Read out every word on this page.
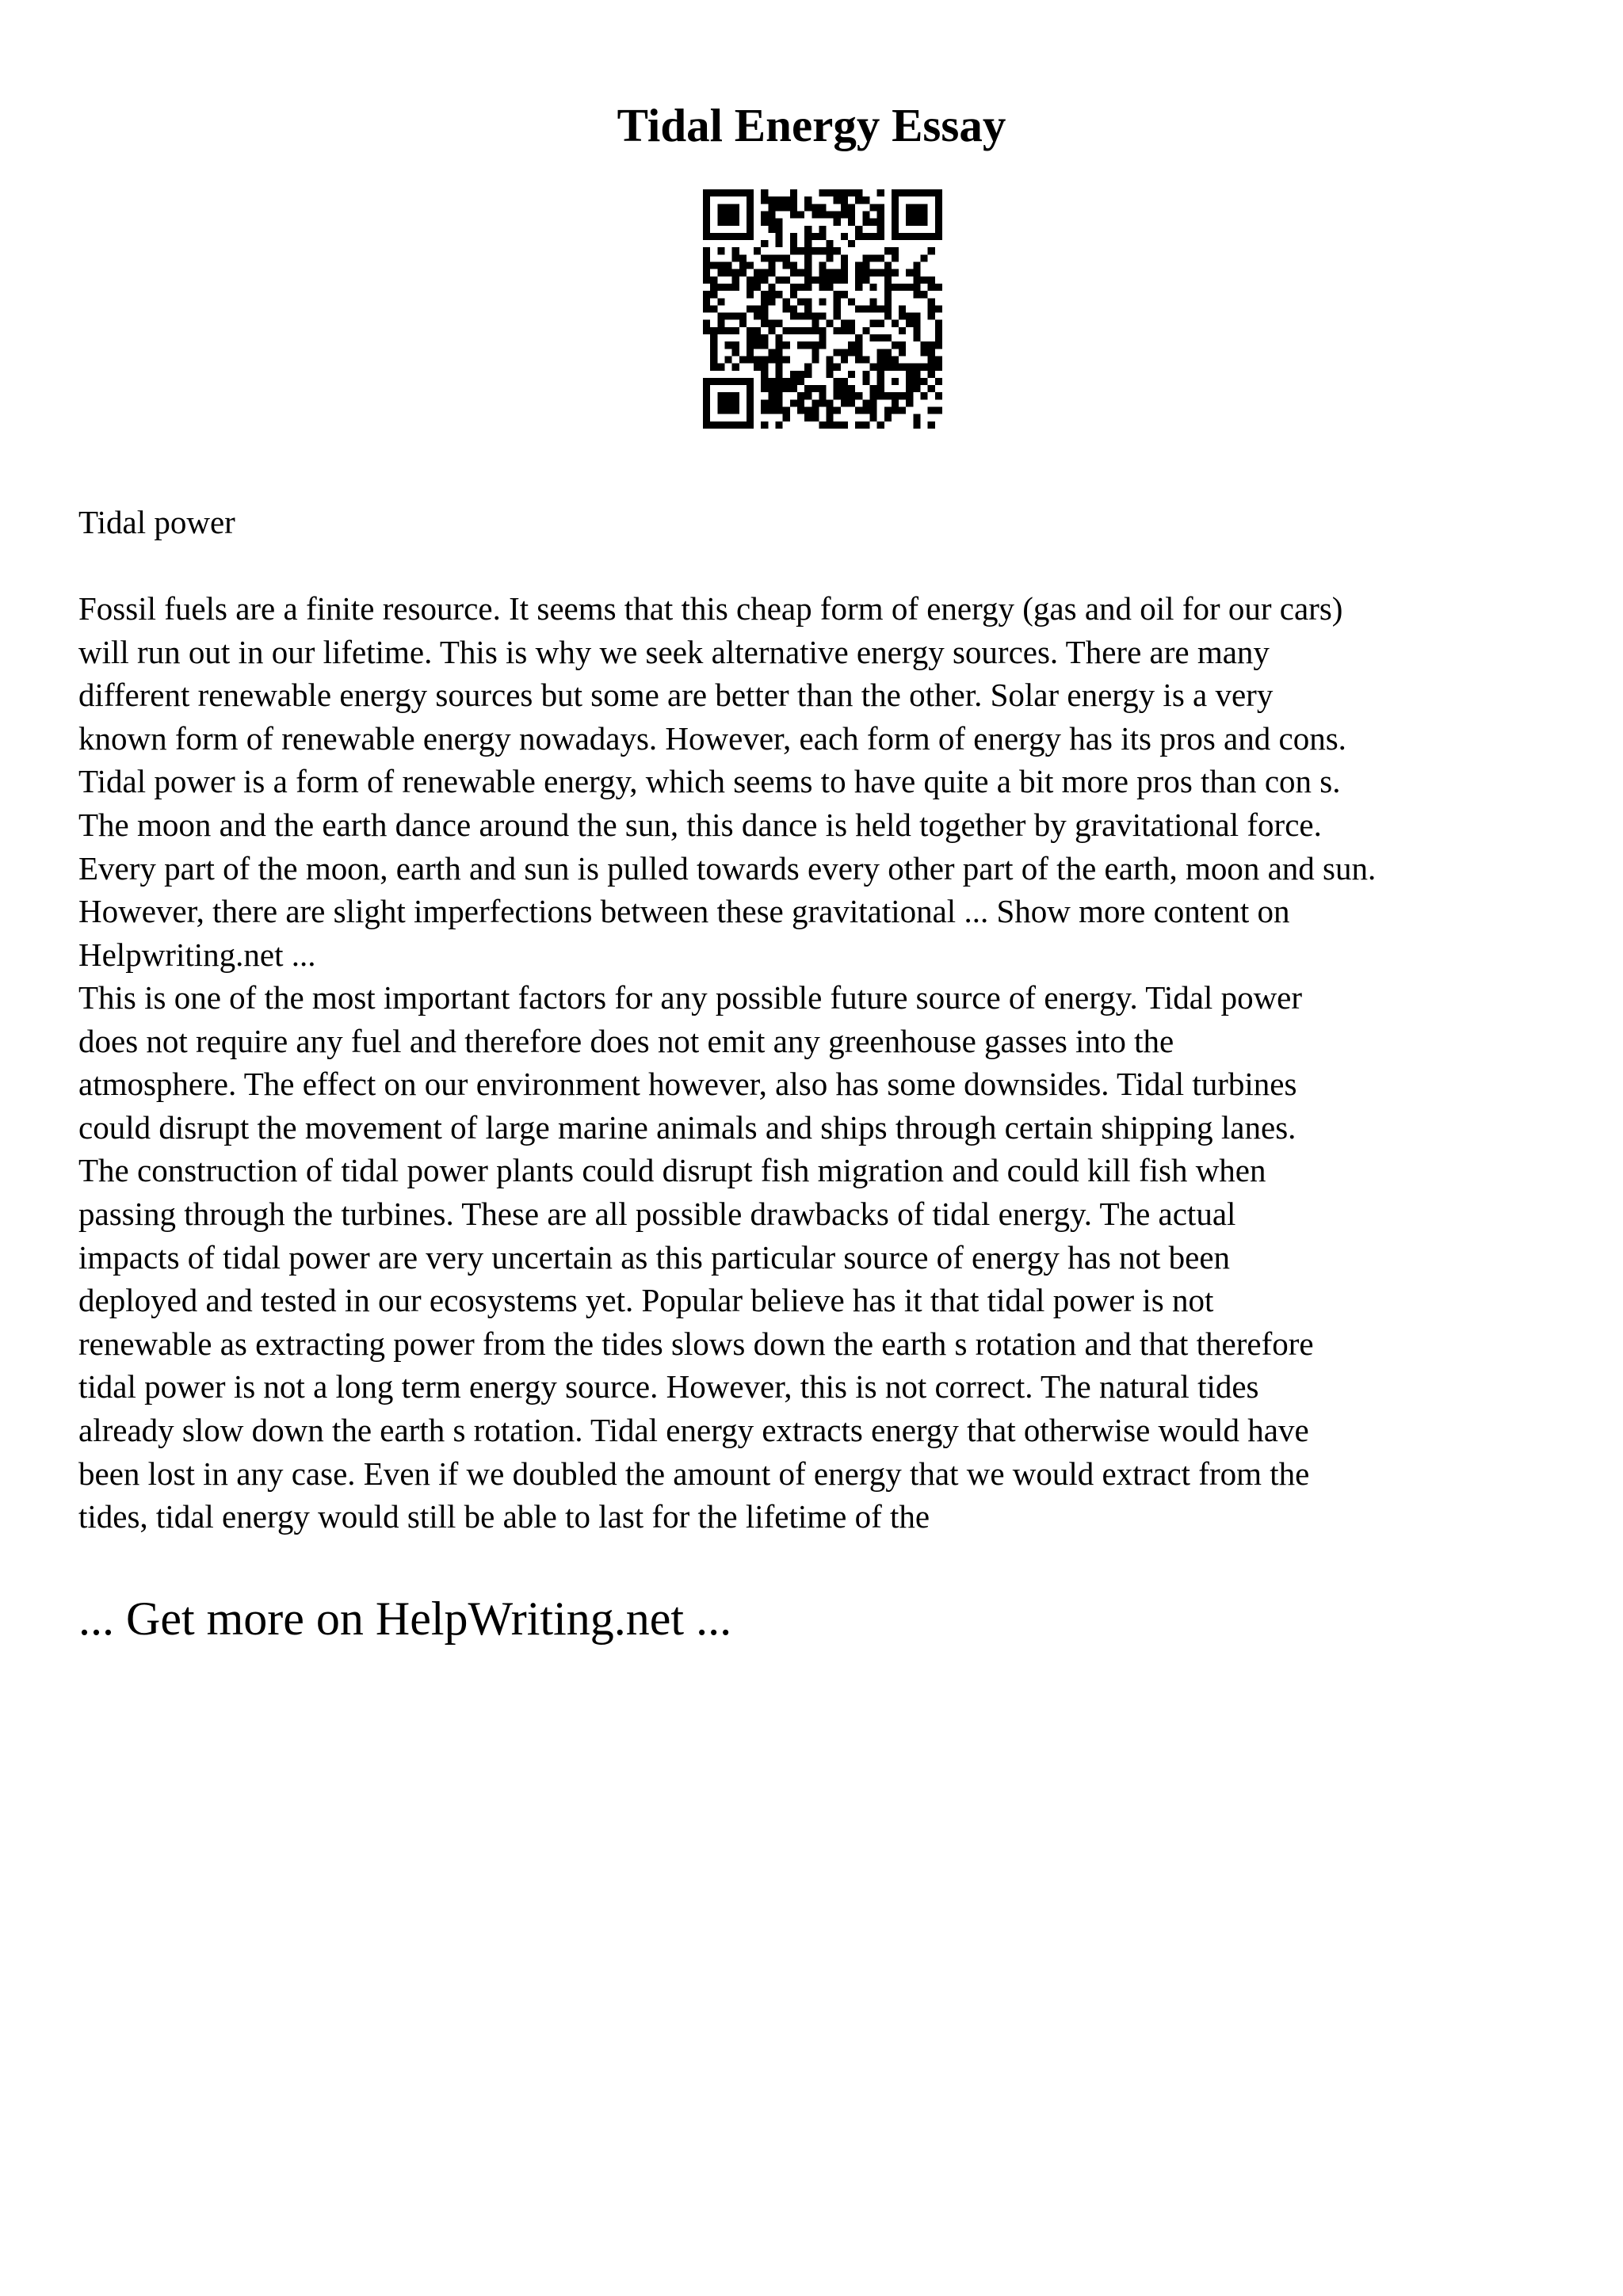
Tidal Energy Essay

Tidal power

Fossil fuels are a finite resource. It seems that this cheap form of energy (gas and oil for our cars)
will run out in our lifetime. This is why we seek alternative energy sources. There are many
different renewable energy sources but some are better than the other. Solar energy is a very
known form of renewable energy nowadays. However, each form of energy has its pros and cons.
Tidal power is a form of renewable energy, which seems to have quite a bit more pros than con s.
The moon and the earth dance around the sun, this dance is held together by gravitational force.
Every part of the moon, earth and sun is pulled towards every other part of the earth, moon and sun.
However, there are slight imperfections between these gravitational ... Show more content on
Helpwriting.net ...

This is one of the most important factors for any possible future source of energy. Tidal power
does not require any fuel and therefore does not emit any greenhouse gasses into the
atmosphere. The effect on our environment however, also has some downsides. Tidal turbines
could disrupt the movement of large marine animals and ships through certain shipping lanes.
The construction of tidal power plants could disrupt fish migration and could kill fish when
passing through the turbines. These are all possible drawbacks of tidal energy. The actual
impacts of tidal power are very uncertain as this particular source of energy has not been
deployed and tested in our ecosystems yet. Popular believe has it that tidal power is not
renewable as extracting power from the tides slows down the earth s rotation and that therefore
tidal power is not a long term energy source. However, this is not correct. The natural tides
already slow down the earth s rotation. Tidal energy extracts energy that otherwise would have
been lost in any case. Even if we doubled the amount of energy that we would extract from the
tides, tidal energy would still be able to last for the lifetime of the

... Get more on HelpWriting.net ...
